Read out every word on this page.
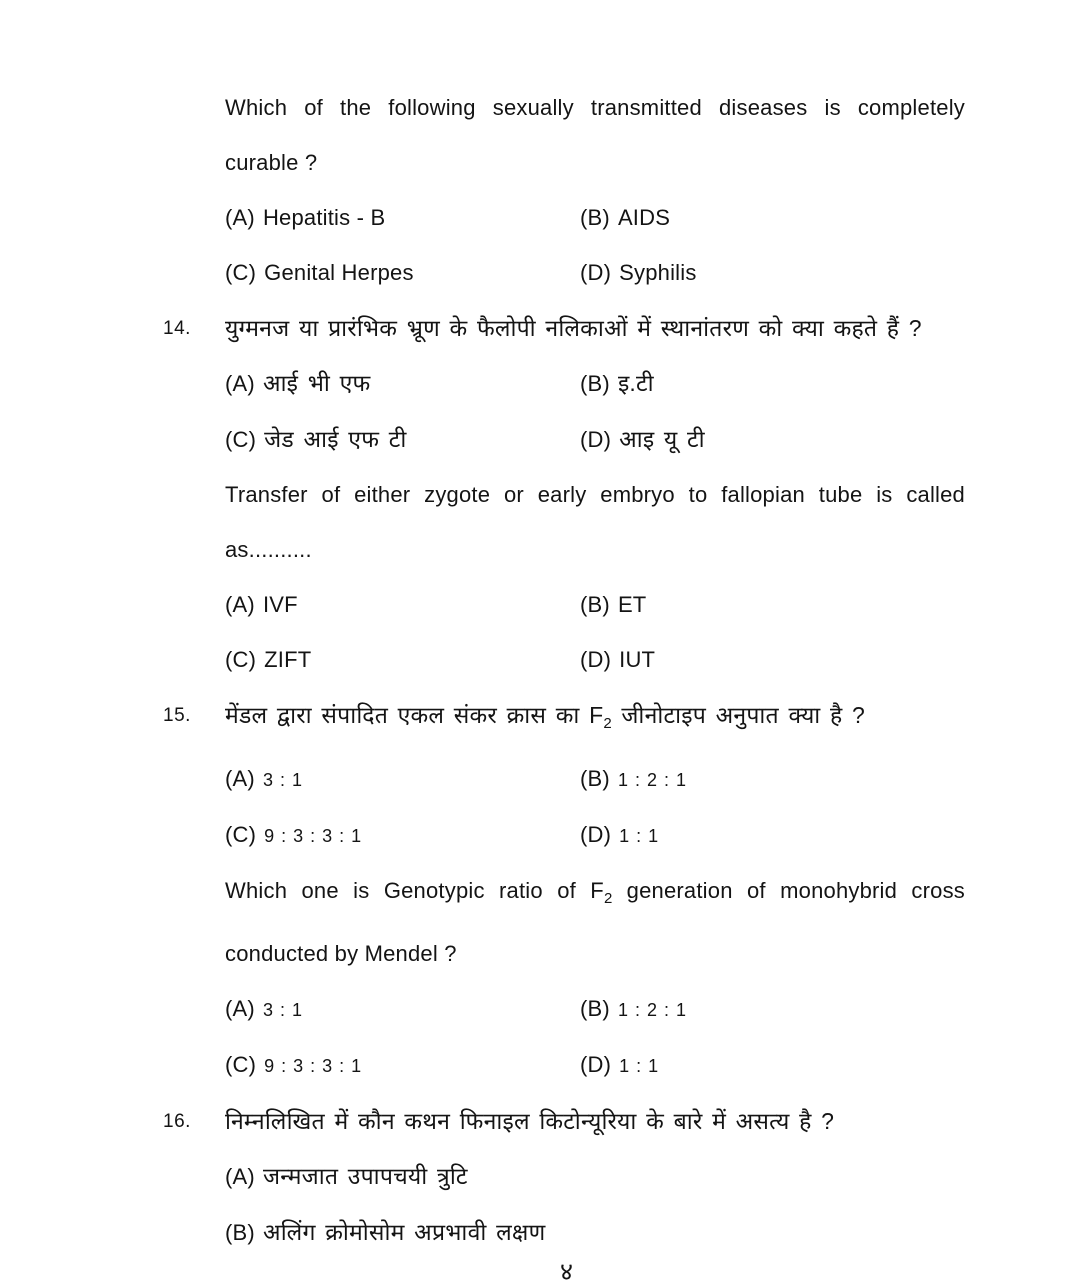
Which of the following sexually transmitted diseases is completely
curable ?
(A) Hepatitis - B	(B) AIDS
(C) Genital Herpes	(D) Syphilis
14. युग्मनज या प्रारंभिक भ्रूण के फैलोपी नलिकाओं में स्थानांतरण को क्या कहते हैं ?
(A) आई भी एफ	(B) इ.टी
(C) जेड आई एफ टी	(D) आइ यू टी
Transfer of either zygote or early embryo to fallopian tube is called
as..........
(A) IVF	(B) ET
(C) ZIFT	(D) IUT
15. मेंडल द्वारा संपादित एकल संकर क्रास का $F_2$ जीनोटाइप अनुपात क्या है ?
(A) 3 : 1	(B) 1 : 2 : 1
(C) 9 : 3 : 3 : 1	(D) 1 : 1
Which one is Genotypic ratio of $F_2$ generation of monohybrid cross
conducted by Mendel ?
(A) 3 : 1	(B) 1 : 2 : 1
(C) 9 : 3 : 3 : 1	(D) 1 : 1
16. निम्नलिखित में कौन कथन फिनाइल किटोन्यूरिया के बारे में असत्य है ?
(A) जन्मजात उपापचयी त्रुटि
(B) अलिंग क्रोमोसोम अप्रभावी लक्षण
४
